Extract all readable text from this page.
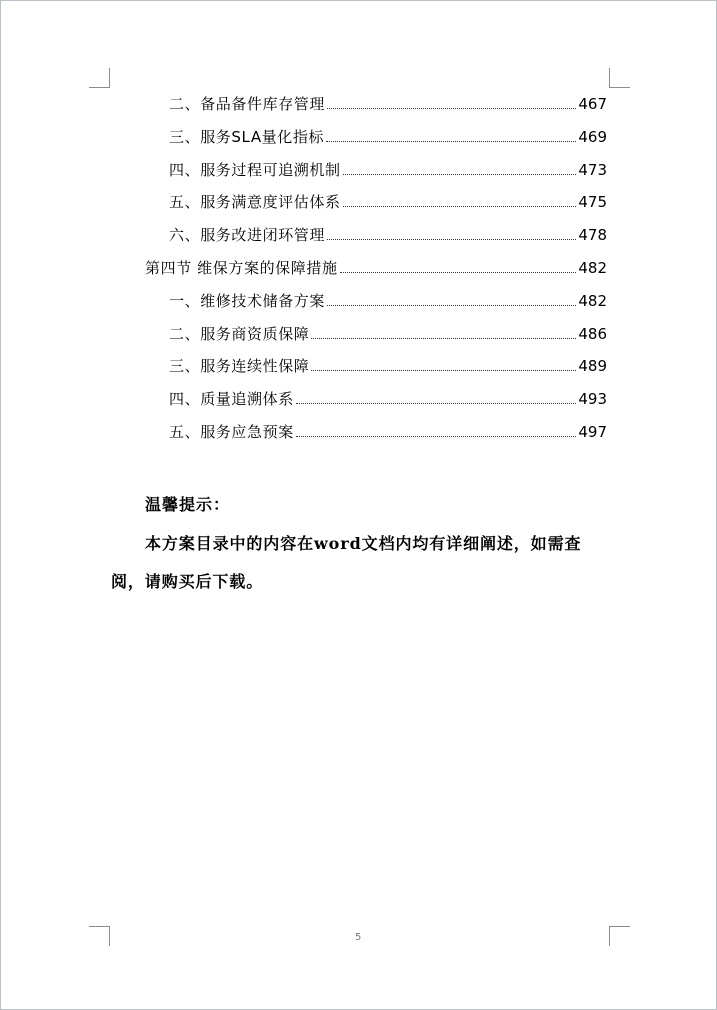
二、备品备件库存管理	467
三、服务SLA量化指标	469
四、服务过程可追溯机制	473
五、服务满意度评估体系	475
六、服务改进闭环管理	478
第四节 维保方案的保障措施	482
一、维修技术储备方案	482
二、服务商资质保障	486
三、服务连续性保障	489
四、质量追溯体系	493
五、服务应急预案	497
温馨提示：
本方案目录中的内容在word文档内均有详细阐述，如需查阅，请购买后下载。
5
